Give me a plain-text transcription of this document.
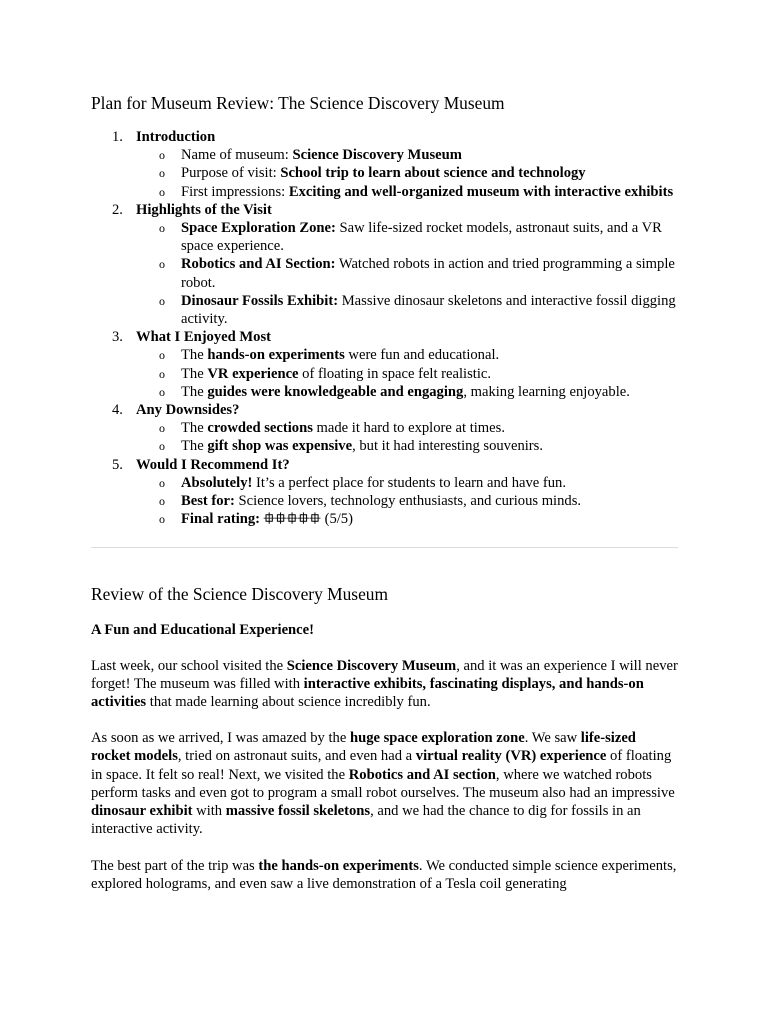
Plan for Museum Review: The Science Discovery Museum
1. Introduction
o Name of museum: Science Discovery Museum
o Purpose of visit: School trip to learn about science and technology
o First impressions: Exciting and well-organized museum with interactive exhibits
2. Highlights of the Visit
o Space Exploration Zone: Saw life-sized rocket models, astronaut suits, and a VR space experience.
o Robotics and AI Section: Watched robots in action and tried programming a simple robot.
o Dinosaur Fossils Exhibit: Massive dinosaur skeletons and interactive fossil digging activity.
3. What I Enjoyed Most
o The hands-on experiments were fun and educational.
o The VR experience of floating in space felt realistic.
o The guides were knowledgeable and engaging, making learning enjoyable.
4. Any Downsides?
o The crowded sections made it hard to explore at times.
o The gift shop was expensive, but it had interesting souvenirs.
5. Would I Recommend It?
o Absolutely! It’s a perfect place for students to learn and have fun.
o Best for: Science lovers, technology enthusiasts, and curious minds.
o Final rating: ⯐⯐⯐⯐⯐ (5/5)
Review of the Science Discovery Museum
A Fun and Educational Experience!

Last week, our school visited the Science Discovery Museum, and it was an experience I will never forget! The museum was filled with interactive exhibits, fascinating displays, and hands-on activities that made learning about science incredibly fun.

As soon as we arrived, I was amazed by the huge space exploration zone. We saw life-sized rocket models, tried on astronaut suits, and even had a virtual reality (VR) experience of floating in space. It felt so real! Next, we visited the Robotics and AI section, where we watched robots perform tasks and even got to program a small robot ourselves. The museum also had an impressive dinosaur exhibit with massive fossil skeletons, and we had the chance to dig for fossils in an interactive activity.

The best part of the trip was the hands-on experiments. We conducted simple science experiments, explored holograms, and even saw a live demonstration of a Tesla coil generating
